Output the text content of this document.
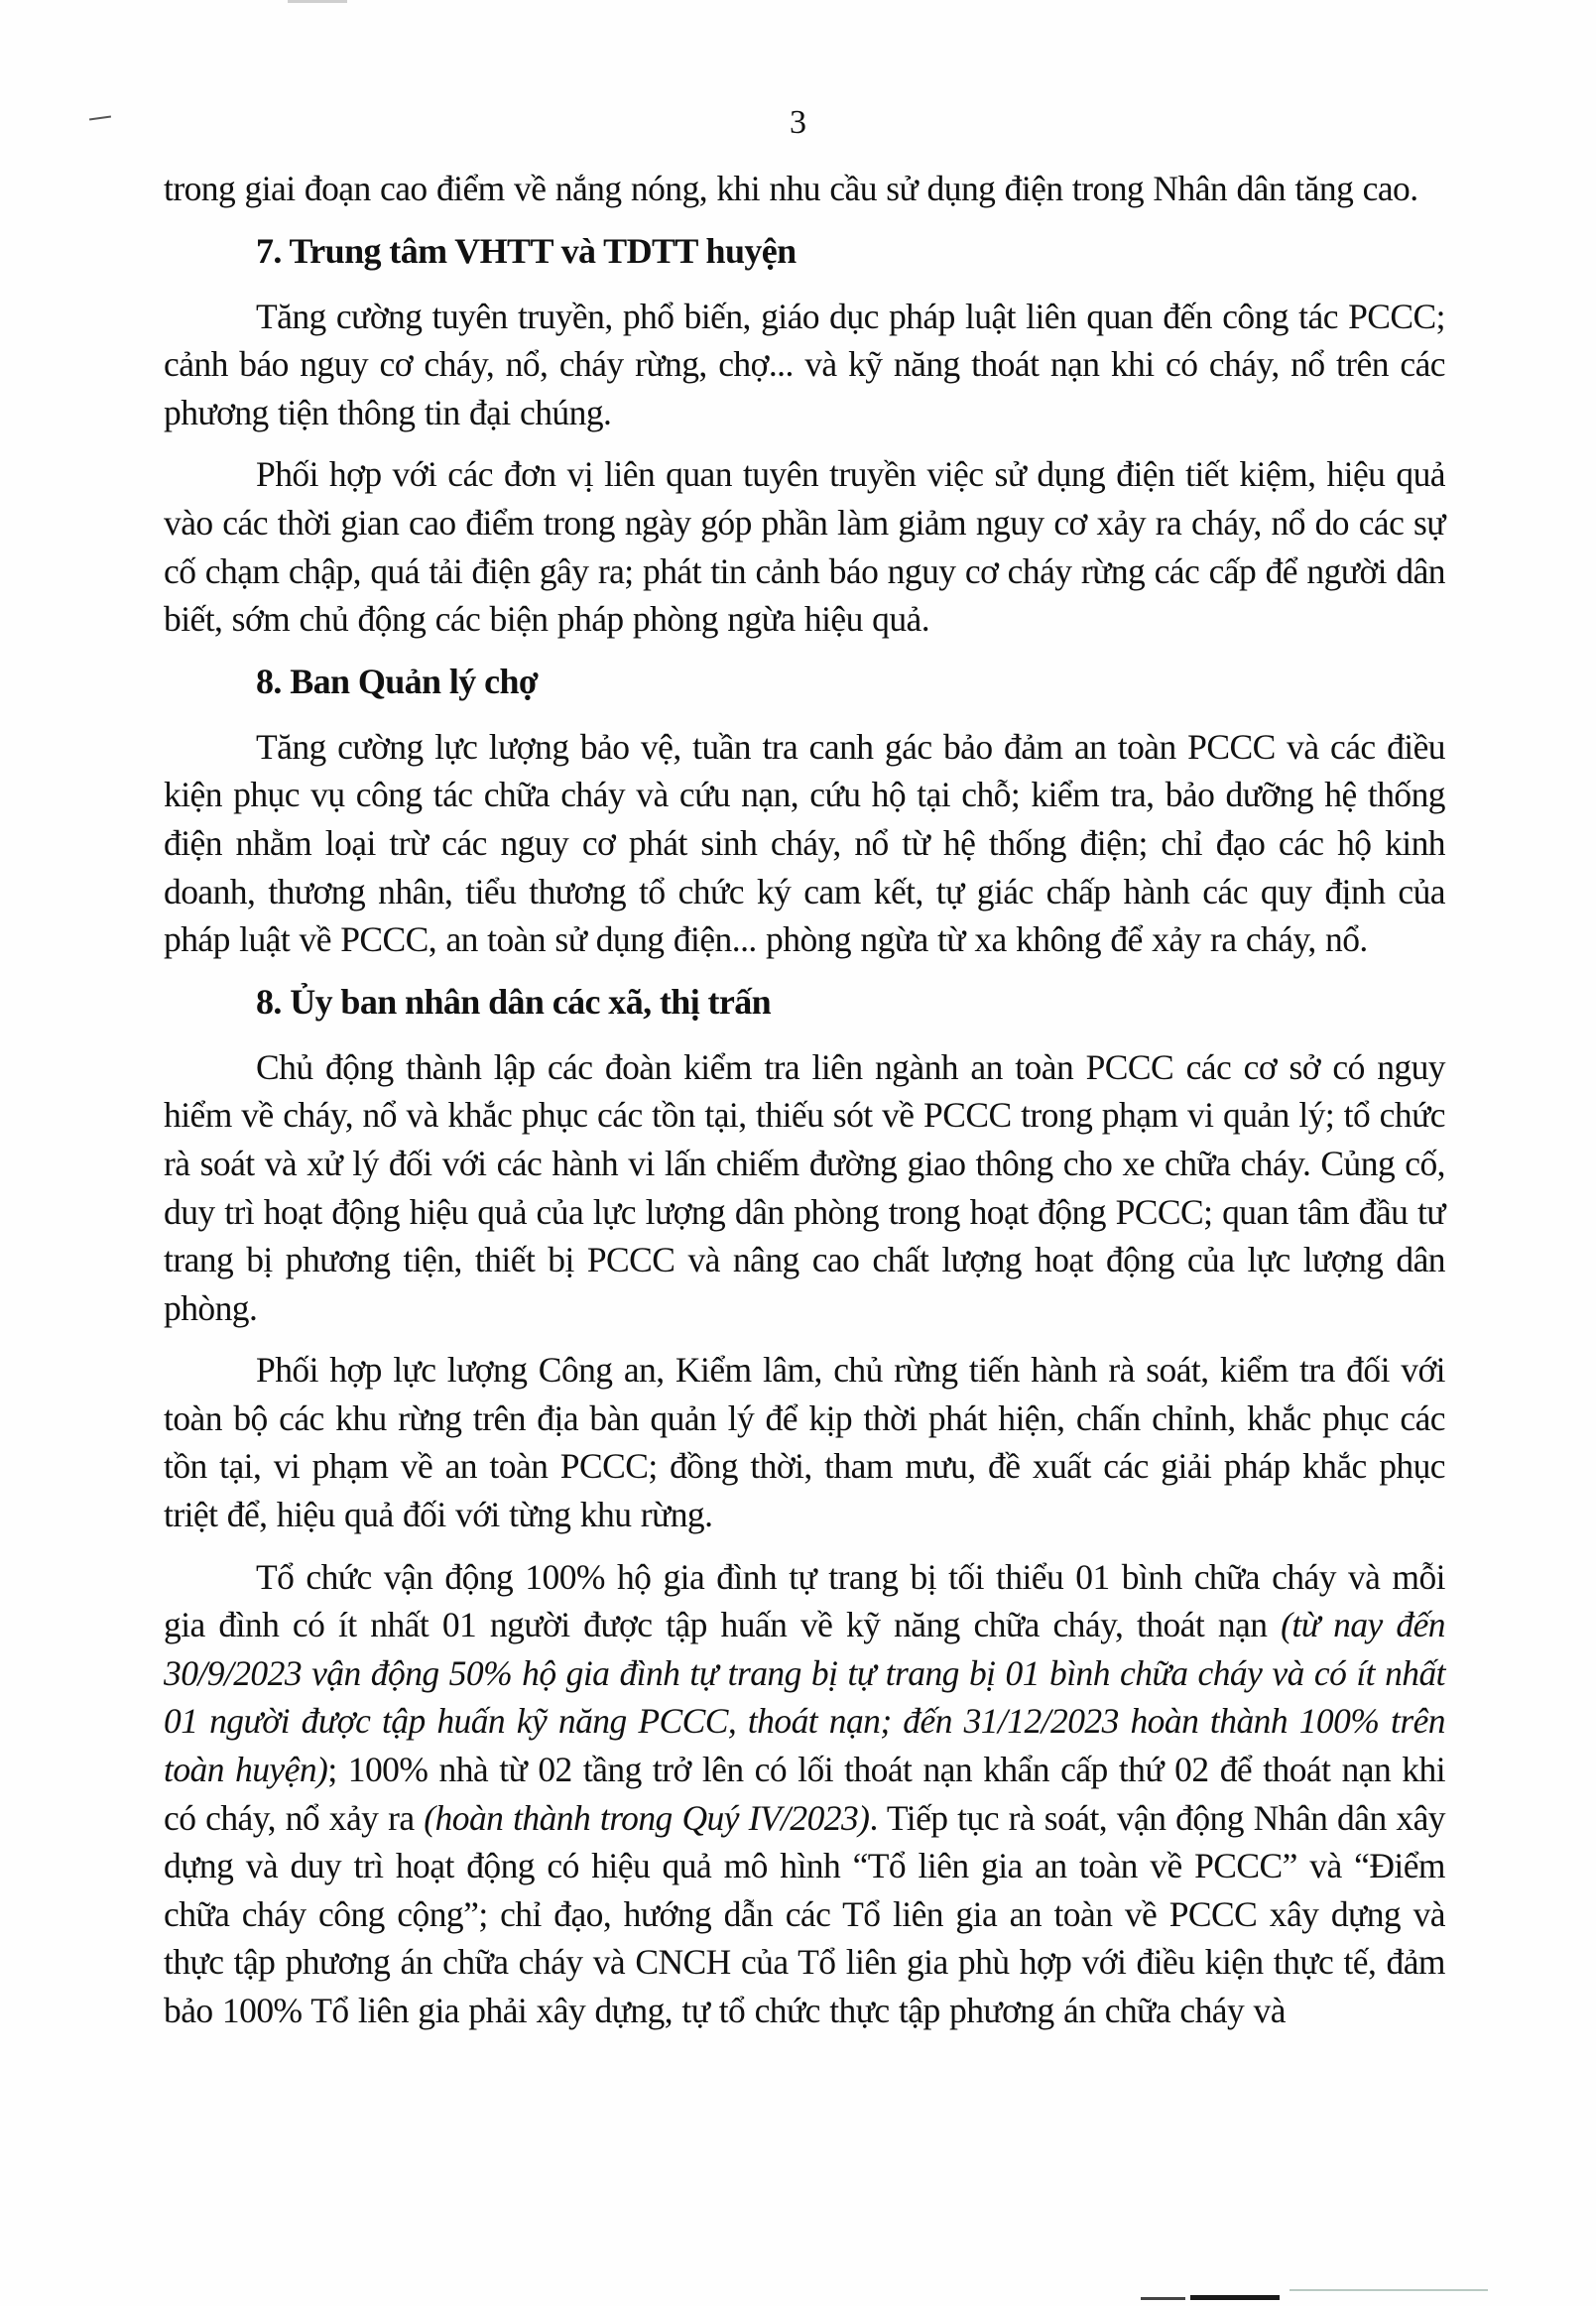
3

trong giai đoạn cao điểm về nắng nóng, khi nhu cầu sử dụng điện trong Nhân dân tăng cao.

7. Trung tâm VHTT và TDTT huyện

Tăng cường tuyên truyền, phổ biến, giáo dục pháp luật liên quan đến công tác PCCC; cảnh báo nguy cơ cháy, nổ, cháy rừng, chợ... và kỹ năng thoát nạn khi có cháy, nổ trên các phương tiện thông tin đại chúng.

Phối hợp với các đơn vị liên quan tuyên truyền việc sử dụng điện tiết kiệm, hiệu quả vào các thời gian cao điểm trong ngày góp phần làm giảm nguy cơ xảy ra cháy, nổ do các sự cố chạm chập, quá tải điện gây ra; phát tin cảnh báo nguy cơ cháy rừng các cấp để người dân biết, sớm chủ động các biện pháp phòng ngừa hiệu quả.

8. Ban Quản lý chợ

Tăng cường lực lượng bảo vệ, tuần tra canh gác bảo đảm an toàn PCCC và các điều kiện phục vụ công tác chữa cháy và cứu nạn, cứu hộ tại chỗ; kiểm tra, bảo dưỡng hệ thống điện nhằm loại trừ các nguy cơ phát sinh cháy, nổ từ hệ thống điện; chỉ đạo các hộ kinh doanh, thương nhân, tiểu thương tổ chức ký cam kết, tự giác chấp hành các quy định của pháp luật về PCCC, an toàn sử dụng điện... phòng ngừa từ xa không để xảy ra cháy, nổ.

8. Ủy ban nhân dân các xã, thị trấn

Chủ động thành lập các đoàn kiểm tra liên ngành an toàn PCCC các cơ sở có nguy hiểm về cháy, nổ và khắc phục các tồn tại, thiếu sót về PCCC trong phạm vi quản lý; tổ chức rà soát và xử lý đối với các hành vi lấn chiếm đường giao thông cho xe chữa cháy. Củng cố, duy trì hoạt động hiệu quả của lực lượng dân phòng trong hoạt động PCCC; quan tâm đầu tư trang bị phương tiện, thiết bị PCCC và nâng cao chất lượng hoạt động của lực lượng dân phòng.

Phối hợp lực lượng Công an, Kiểm lâm, chủ rừng tiến hành rà soát, kiểm tra đối với toàn bộ các khu rừng trên địa bàn quản lý để kịp thời phát hiện, chấn chỉnh, khắc phục các tồn tại, vi phạm về an toàn PCCC; đồng thời, tham mưu, đề xuất các giải pháp khắc phục triệt để, hiệu quả đối với từng khu rừng.

Tổ chức vận động 100% hộ gia đình tự trang bị tối thiểu 01 bình chữa cháy và mỗi gia đình có ít nhất 01 người được tập huấn về kỹ năng chữa cháy, thoát nạn (từ nay đến 30/9/2023 vận động 50% hộ gia đình tự trang bị tự trang bị 01 bình chữa cháy và có ít nhất 01 người được tập huấn kỹ năng PCCC, thoát nạn; đến 31/12/2023 hoàn thành 100% trên toàn huyện); 100% nhà từ 02 tầng trở lên có lối thoát nạn khẩn cấp thứ 02 để thoát nạn khi có cháy, nổ xảy ra (hoàn thành trong Quý IV/2023). Tiếp tục rà soát, vận động Nhân dân xây dựng và duy trì hoạt động có hiệu quả mô hình “Tổ liên gia an toàn về PCCC” và “Điểm chữa cháy công cộng”; chỉ đạo, hướng dẫn các Tổ liên gia an toàn về PCCC xây dựng và thực tập phương án chữa cháy và CNCH của Tổ liên gia phù hợp với điều kiện thực tế, đảm bảo 100% Tổ liên gia phải xây dựng, tự tổ chức thực tập phương án chữa cháy và
